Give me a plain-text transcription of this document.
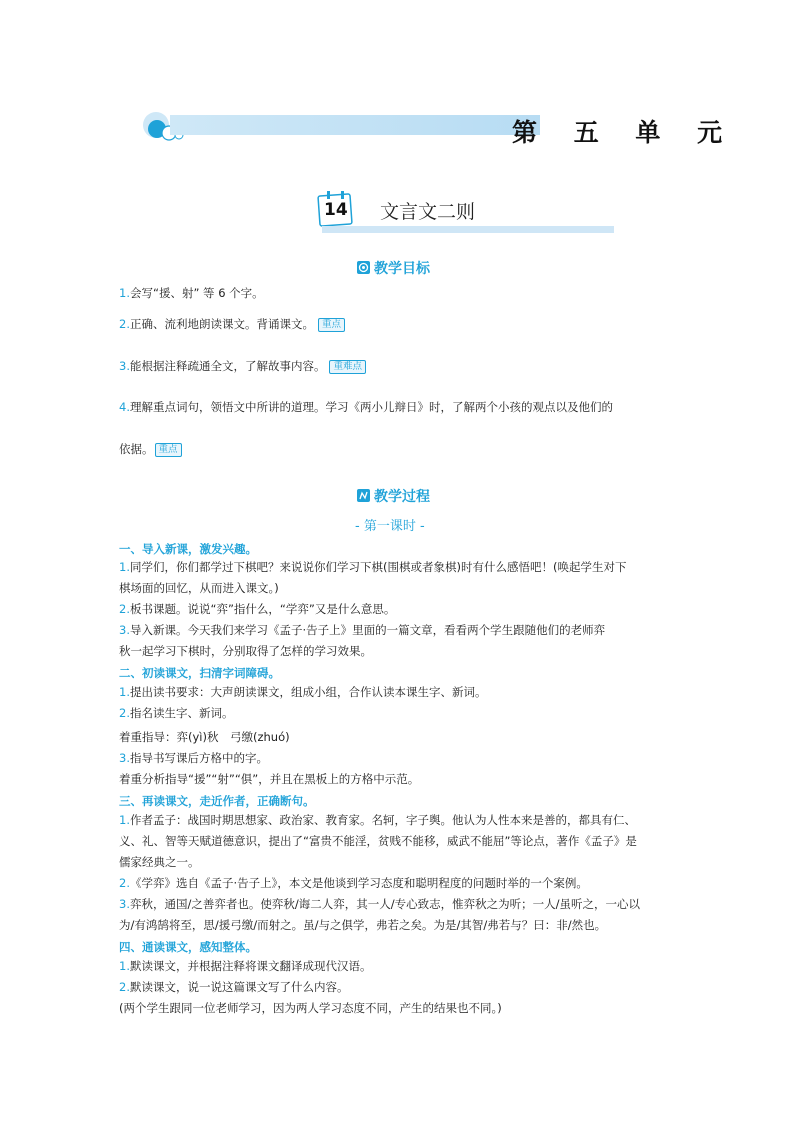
第 五 单 元
14 文言文二则
教学目标
1.会写“援、射” 等 6 个字。
2.正确、流利地朗读课文。背诵课文。 重点
3.能根据注释疏通全文，了解故事内容。 重难点
4.理解重点词句，领悟文中所讲的道理。学习《两小儿辩日》时，了解两个小孩的观点以及他们的
依据。 重点
教学过程
- 第一课时 -
一、导入新课，激发兴趣。
1.同学们，你们都学过下棋吧？来说说你们学习下棋(围棋或者象棋)时有什么感悟吧！(唤起学生对下
棋场面的回忆，从而进入课文。)
2.板书课题。说说“弈”指什么，“学弈”又是什么意思。
3.导入新课。今天我们来学习《孟子·告子上》里面的一篇文章，看看两个学生跟随他们的老师弈
秋一起学习下棋时，分别取得了怎样的学习效果。
二、初读课文，扫清字词障碍。
1.提出读书要求：大声朗读课文，组成小组，合作认读本课生字、新词。
2.指名读生字、新词。
着重指导：弈(yì)秋　弓缴(zhuó)
3.指导书写课后方格中的字。
着重分析指导“援”“射”“俱”，并且在黑板上的方格中示范。
三、再读课文，走近作者，正确断句。
1.作者孟子：战国时期思想家、政治家、教育家。名轲，字子舆。他认为人性本来是善的，都具有仁、
义、礼、智等天赋道德意识，提出了“富贵不能淫，贫贱不能移，威武不能屈”等论点，著作《孟子》是
儒家经典之一。
2.《学弈》选自《孟子·告子上》，本文是他谈到学习态度和聪明程度的问题时举的一个案例。
3.弈秋，通国/之善弈者也。使弈秋/诲二人弈，其一人/专心致志，惟弈秋之为听；一人/虽听之，一心以
为/有鸿鹄将至，思/援弓缴/而射之。虽/与之俱学，弗若之矣。为是/其智/弗若与？曰：非/然也。
四、通读课文，感知整体。
1.默读课文，并根据注释将课文翻译成现代汉语。
2.默读课文，说一说这篇课文写了什么内容。
(两个学生跟同一位老师学习，因为两人学习态度不同，产生的结果也不同。)
